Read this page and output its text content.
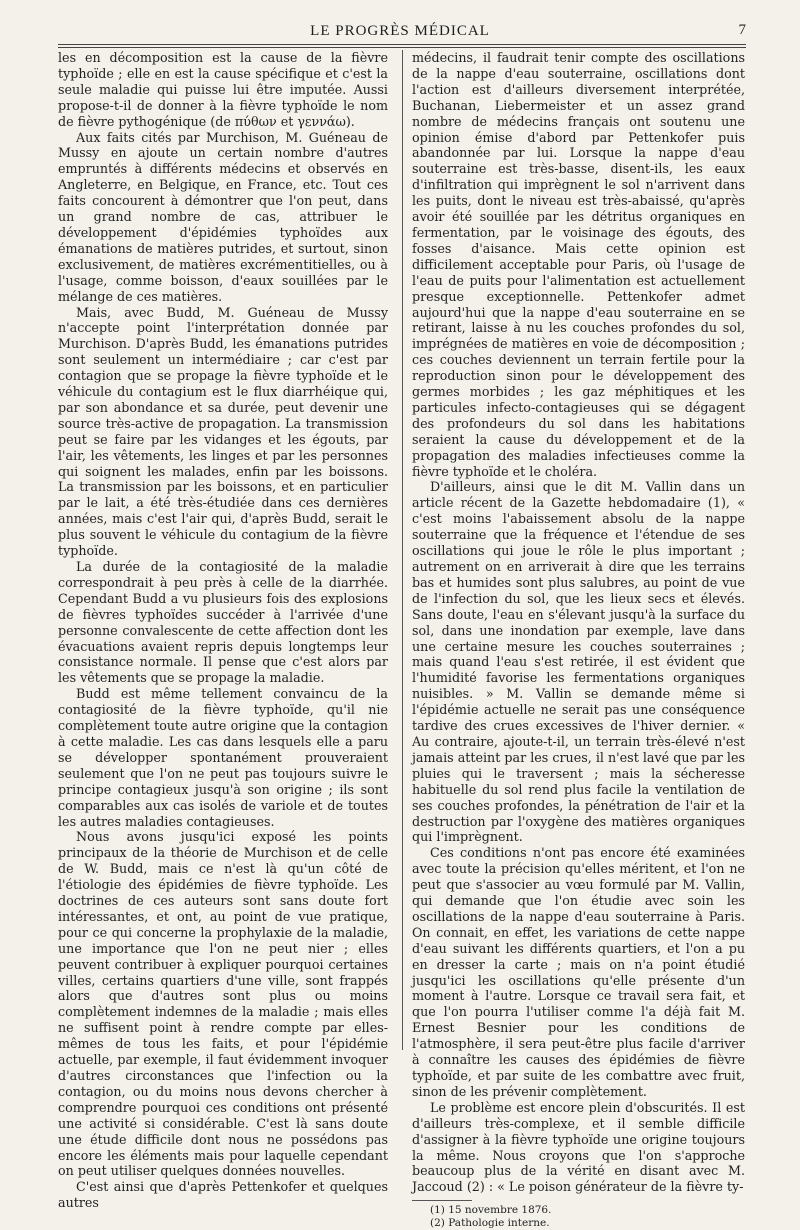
LE PROGRÈS MÉDICAL	7

les en décomposition est la cause de la fièvre typhoïde ; elle en est la cause spécifique et c'est la seule maladie qui puisse lui être imputée. Aussi propose-t-il de donner à la fièvre typhoïde le nom de fièvre pythogénique (de πύθων et γεννάω).

Aux faits cités par Murchison, M. Guéneau de Mussy en ajoute un certain nombre d'autres empruntés à différents médecins et observés en Angleterre, en Belgique, en France, etc. Tout ces faits concourent à démontrer que l'on peut, dans un grand nombre de cas, attribuer le développement d'épidémies typhoïdes aux émanations de matières putrides, et surtout, sinon exclusivement, de matières excrémentitielles, ou à l'usage, comme boisson, d'eaux souillées par le mélange de ces matières.

Mais, avec Budd, M. Guéneau de Mussy n'accepte point l'interprétation donnée par Murchison. D'après Budd, les émanations putrides sont seulement un intermédiaire ; car c'est par contagion que se propage la fièvre typhoïde et le véhicule du contagium est le flux diarrhéique qui, par son abondance et sa durée, peut devenir une source très-active de propagation. La transmission peut se faire par les vidanges et les égouts, par l'air, les vêtements, les linges et par les personnes qui soignent les malades, enfin par les boissons. La transmission par les boissons, et en particulier par le lait, a été très-étudiée dans ces dernières années, mais c'est l'air qui, d'après Budd, serait le plus souvent le véhicule du contagium de la fièvre typhoïde.

La durée de la contagiosité de la maladie correspondrait à peu près à celle de la diarrhée. Cependant Budd a vu plusieurs fois des explosions de fièvres typhoïdes succéder à l'arrivée d'une personne convalescente de cette affection dont les évacuations avaient repris depuis longtemps leur consistance normale. Il pense que c'est alors par les vêtements que se propage la maladie.

Budd est même tellement convaincu de la contagiosité de la fièvre typhoïde, qu'il nie complètement toute autre origine que la contagion à cette maladie. Les cas dans lesquels elle a paru se développer spontanément prouveraient seulement que l'on ne peut pas toujours suivre le principe contagieux jusqu'à son origine ; ils sont comparables aux cas isolés de variole et de toutes les autres maladies contagieuses.

Nous avons jusqu'ici exposé les points principaux de la théorie de Murchison et de celle de W. Budd, mais ce n'est là qu'un côté de l'étiologie des épidémies de fièvre typhoïde. Les doctrines de ces auteurs sont sans doute fort intéressantes, et ont, au point de vue pratique, pour ce qui concerne la prophylaxie de la maladie, une importance que l'on ne peut nier ; elles peuvent contribuer à expliquer pourquoi certaines villes, certains quartiers d'une ville, sont frappés alors que d'autres sont plus ou moins complètement indemnes de la maladie ; mais elles ne suffisent point à rendre compte par elles-mêmes de tous les faits, et pour l'épidémie actuelle, par exemple, il faut évidemment invoquer d'autres circonstances que l'infection ou la contagion, ou du moins nous devons chercher à comprendre pourquoi ces conditions ont présenté une activité si considérable. C'est là sans doute une étude difficile dont nous ne possédons pas encore les éléments mais pour laquelle cependant on peut utiliser quelques données nouvelles.

C'est ainsi que d'après Pettenkofer et quelques autres

médecins, il faudrait tenir compte des oscillations de la nappe d'eau souterraine, oscillations dont l'action est d'ailleurs diversement interprétée, Buchanan, Liebermeister et un assez grand nombre de médecins français ont soutenu une opinion émise d'abord par Pettenkofer puis abandonnée par lui. Lorsque la nappe d'eau souterraine est très-basse, disent-ils, les eaux d'infiltration qui imprègnent le sol n'arrivent dans les puits, dont le niveau est très-abaissé, qu'après avoir été souillée par les détritus organiques en fermentation, par le voisinage des égouts, des fosses d'aisance. Mais cette opinion est difficilement acceptable pour Paris, où l'usage de l'eau de puits pour l'alimentation est actuellement presque exceptionnelle. Pettenkofer admet aujourd'hui que la nappe d'eau souterraine en se retirant, laisse à nu les couches profondes du sol, imprégnées de matières en voie de décomposition ; ces couches deviennent un terrain fertile pour la reproduction sinon pour le développement des germes morbides ; les gaz méphitiques et les particules infecto-contagieuses qui se dégagent des profondeurs du sol dans les habitations seraient la cause du développement et de la propagation des maladies infectieuses comme la fièvre typhoïde et le choléra.

D'ailleurs, ainsi que le dit M. Vallin dans un article récent de la Gazette hebdomadaire (1), « c'est moins l'abaissement absolu de la nappe souterraine que la fréquence et l'étendue de ses oscillations qui joue le rôle le plus important ; autrement on en arriverait à dire que les terrains bas et humides sont plus salubres, au point de vue de l'infection du sol, que les lieux secs et élevés. Sans doute, l'eau en s'élevant jusqu'à la surface du sol, dans une inondation par exemple, lave dans une certaine mesure les couches souterraines ; mais quand l'eau s'est retirée, il est évident que l'humidité favorise les fermentations organiques nuisibles. » M. Vallin se demande même si l'épidémie actuelle ne serait pas une conséquence tardive des crues excessives de l'hiver dernier. « Au contraire, ajoute-t-il, un terrain très-élevé n'est jamais atteint par les crues, il n'est lavé que par les pluies qui le traversent ; mais la sécheresse habituelle du sol rend plus facile la ventilation de ses couches profondes, la pénétration de l'air et la destruction par l'oxygène des matières organiques qui l'imprègnent.

Ces conditions n'ont pas encore été examinées avec toute la précision qu'elles méritent, et l'on ne peut que s'associer au vœu formulé par M. Vallin, qui demande que l'on étudie avec soin les oscillations de la nappe d'eau souterraine à Paris. On connait, en effet, les variations de cette nappe d'eau suivant les différents quartiers, et l'on a pu en dresser la carte ; mais on n'a point étudié jusqu'ici les oscillations qu'elle présente d'un moment à l'autre. Lorsque ce travail sera fait, et que l'on pourra l'utiliser comme l'a déjà fait M. Ernest Besnier pour les conditions de l'atmosphère, il sera peut-être plus facile d'arriver à connaître les causes des épidémies de fièvre typhoïde, et par suite de les combattre avec fruit, sinon de les prévenir complètement.

Le problème est encore plein d'obscurités. Il est d'ailleurs très-complexe, et il semble difficile d'assigner à la fièvre typhoïde une origine toujours la même. Nous croyons que l'on s'approche beaucoup plus de la vérité en disant avec M. Jaccoud (2) : « Le poison générateur de la fièvre ty-

(1) 15 novembre 1876.

(2) Pathologie interne.
